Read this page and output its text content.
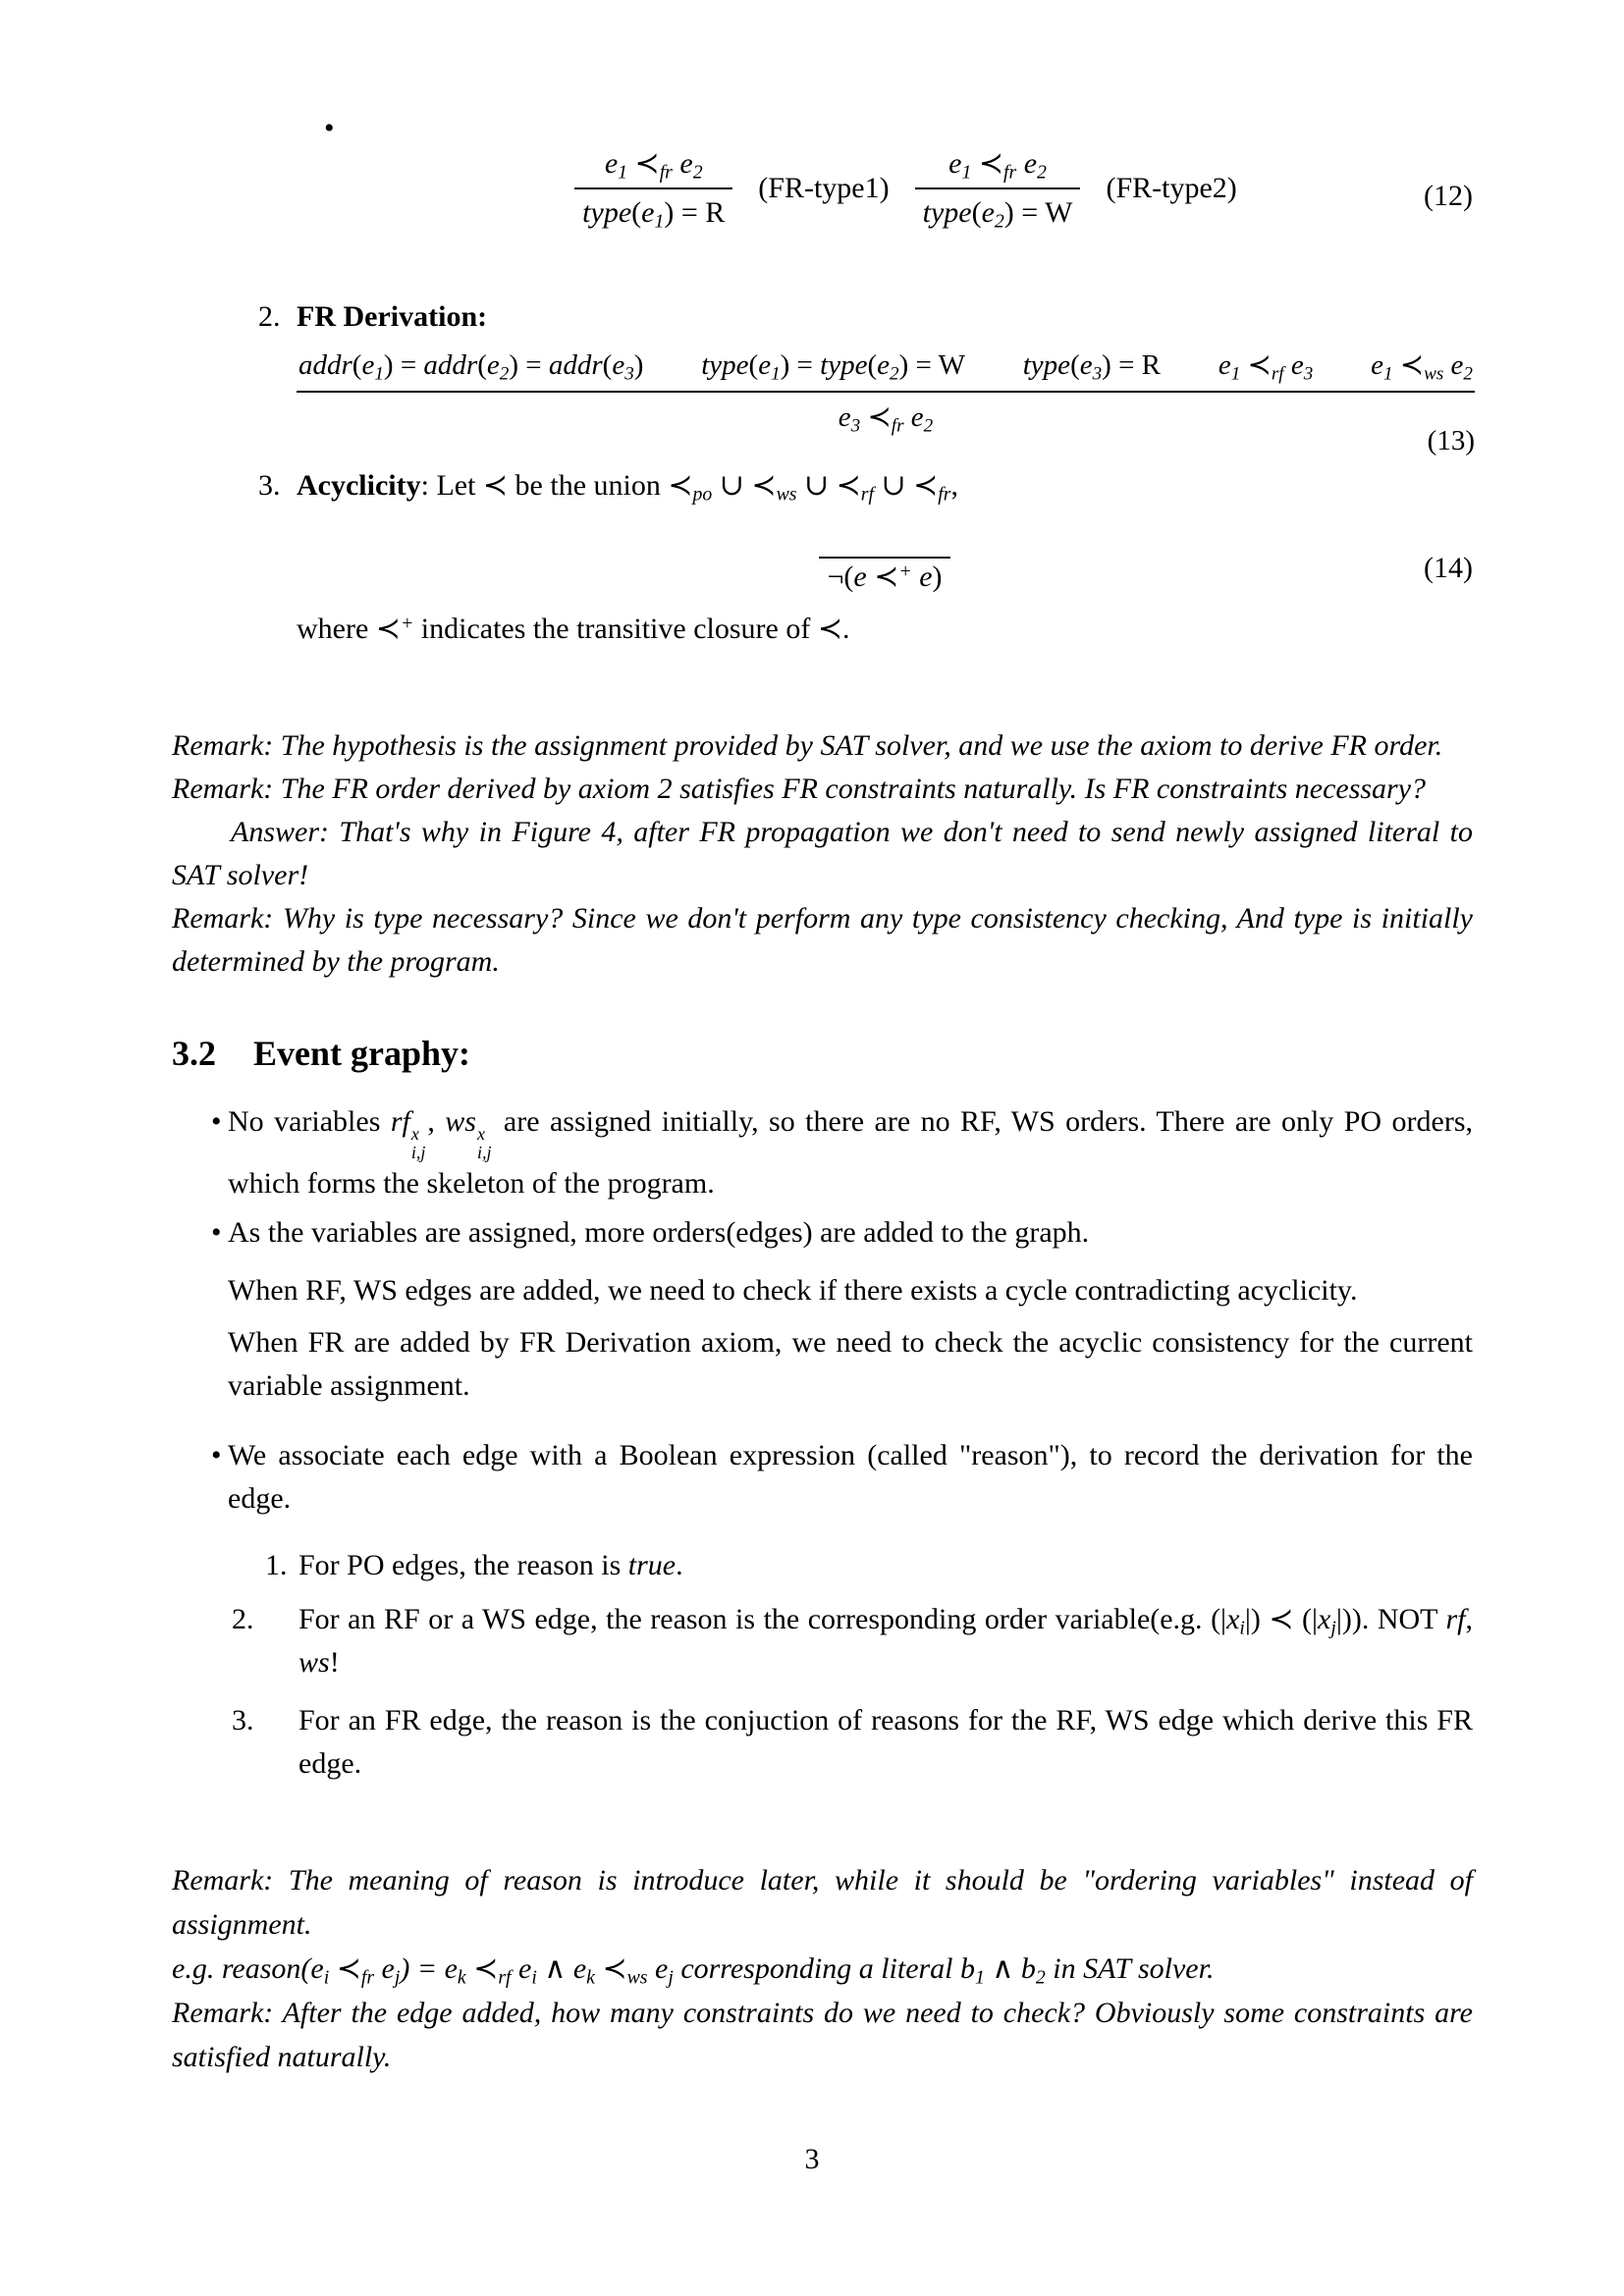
•
$\frac{e_1 ≺_{fr} e_2}{type(e_1) = R}$ (FR-type1) $\frac{e_1 ≺_{fr} e_2}{type(e_2) = W}$ (FR-type2)	(12)
2. FR Derivation:
$addr(e_1)$ = $addr(e_2)$ = $addr(e_3)$ $type(e_1)$ = $type(e_2) = W$ $type(e_3) = R$ $e_1$ $≺_{rf}$ $e_3$ $e_1$ $≺_{ws}$ $e_2$
$e_3$ $≺_{fr}$ $e_2$	(13)
3. Acyclicity: Let ≺ be the union $≺_{po}$ ∪ $≺_{ws}$ ∪ $≺_{rf}$ ∪ $≺_{fr}$,
¬(e ≺+ e)	(14)
where ≺+ indicates the transitive closure of ≺.

Remark: The hypothesis is the assignment provided by SAT solver, and we use the axiom to derive FR order.

Remark: The FR order derived by axiom 2 satisfies FR constraints naturally. Is FR constraints necessary?

Answer: That's why in Figure 4, after FR propagation we don't need to send newly assigned literal to SAT solver!

Remark: Why is type necessary? Since we don't perform any type consistency checking, And type is initially determined by the program.

3.2 Event graphy:
• No variables rf x
i,j
, ws x
i,j
are assigned initially, so there are no RF, WS orders. There are only PO orders, which forms the skeleton of the program.
• As the variables are assigned, more orders(edges) are added to the graph.
When RF, WS edges are added, we need to check if there exists a cycle contradicting acyclicity.
When FR are added by FR Derivation axiom, we need to check the acyclic consistency for the current variable assignment.
• We associate each edge with a Boolean expression (called "reason"), to record the derivation for the edge.
1. For PO edges, the reason is true.
2. For an RF or a WS edge, the reason is the corresponding order variable(e.g. $(|x_i|)$ ≺ $(|x_j|)$). NOT rf, ws!
3. For an FR edge, the reason is the conjuction of reasons for the RF, WS edge which derive this FR edge.

Remark: The meaning of reason is introduce later, while it should be "ordering variables" instead of assignment.

e.g. $reason(e_i$ $≺_{fr}$ $e_j) = e_k$ $≺_{rf}$ $e_i$ ∧ $e_k$ $≺_{ws}$ $e_j$ corresponding a literal $b_1$ ∧ $b_2$ in SAT solver.

Remark: After the edge added, how many constraints do we need to check? Obviously some constraints are satisfied naturally.

3
